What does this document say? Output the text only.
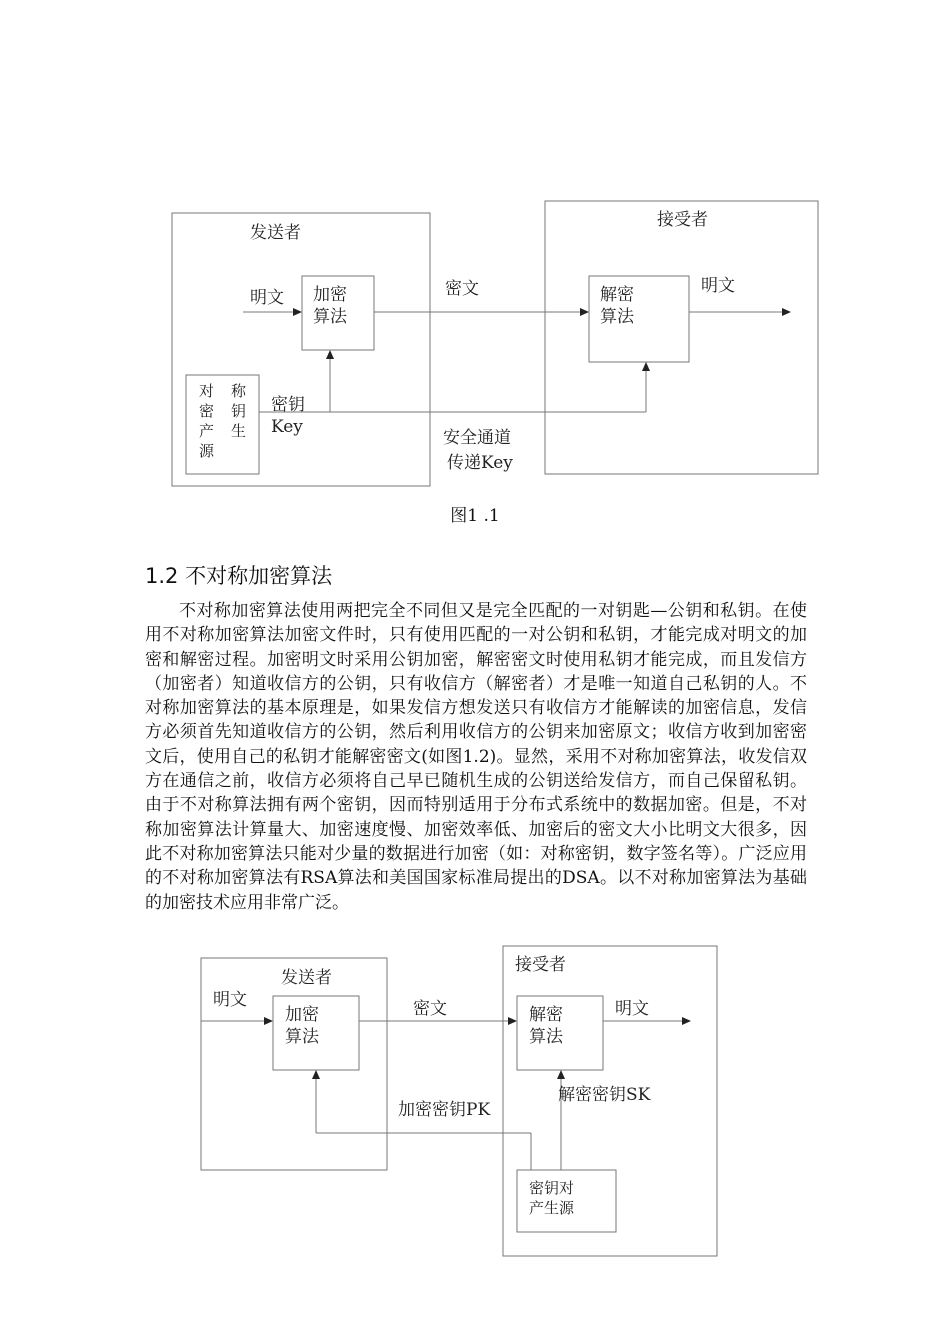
发送者
接受者
明文 加密
算法
密文	解密
算法
明文
对 称
密 钥
产 生
源
密钥
Key
安全通道
传递Key
图1 .1
1.2 不对称加密算法

不对称加密算法使用两把完全不同但又是完全匹配的一对钥匙—公钥和私钥。在使用不对称加密算法加密文件时，只有使用匹配的一对公钥和私钥，才能完成对明文的加密和解密过程。加密明文时采用公钥加密，解密密文时使用私钥才能完成，而且发信方（加密者）知道收信方的公钥，只有收信方（解密者）才是唯一知道自己私钥的人。不对称加密算法的基本原理是，如果发信方想发送只有收信方才能解读的加密信息，发信方必须首先知道收信方的公钥，然后利用收信方的公钥来加密原文；收信方收到加密密文后，使用自己的私钥才能解密密文(如图1.2)。显然，采用不对称加密算法，收发信双方在通信之前，收信方必须将自己早已随机生成的公钥送给发信方，而自己保留私钥。由于不对称算法拥有两个密钥，因而特别适用于分布式系统中的数据加密。但是，不对称加密算法计算量大、加密速度慢、加密效率低、加密后的密文大小比明文大很多，因此不对称加密算法只能对少量的数据进行加密（如：对称密钥，数字签名等）。广泛应用的不对称加密算法有RSA算法和美国国家标准局提出的DSA。以不对称加密算法为基础的加密技术应用非常广泛。

发送者
接受者
明文
加密
算法
密文	解密
算法
明文
密钥对
产生源
加密密钥PK
解密密钥SK
